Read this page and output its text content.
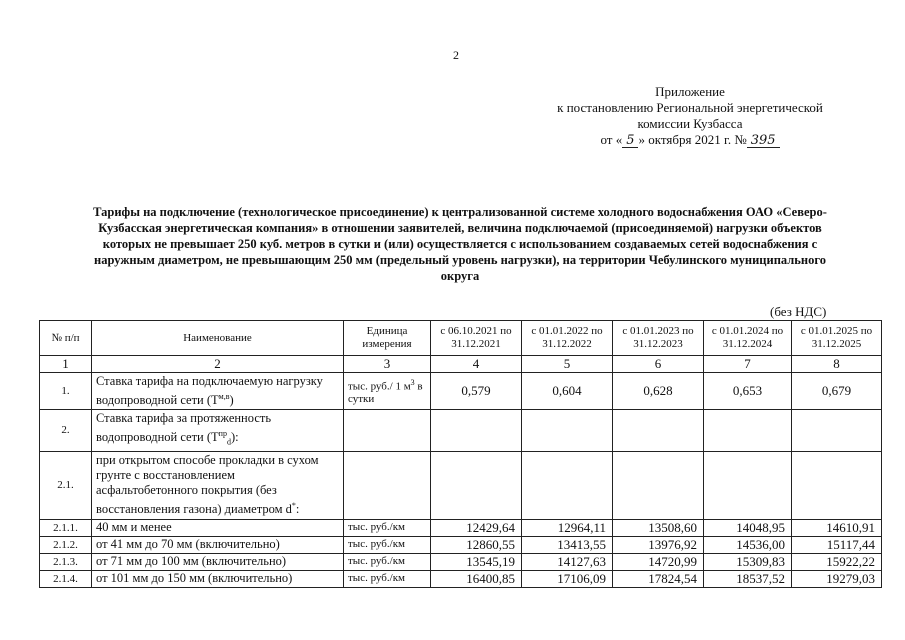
2
Приложение
к постановлению Региональной энергетической
комиссии Кузбасса
от « 5 » октября 2021 г. № 395
Тарифы на подключение (технологическое присоединение) к централизованной системе холодного водоснабжения ОАО «Северо-Кузбасская энергетическая компания» в отношении заявителей, величина подключаемой (присоединяемой) нагрузки объектов которых не превышает 250 куб. метров в сутки и (или) осуществляется с использованием создаваемых сетей водоснабжения с наружным диаметром, не превышающим 250 мм (предельный уровень нагрузки), на территории Чебулинского муниципального округа
(без НДС)
№ п/п	Наименование	Единица измерения	с 06.10.2021 по 31.12.2021	с 01.01.2022 по 31.12.2022	с 01.01.2023 по 31.12.2023	с 01.01.2024 по 31.12.2024	с 01.01.2025 по 31.12.2025
1	2	3	4	5	6	7	8
1.	Ставка тарифа на подключаемую нагрузку водопроводной сети $(Т^{м,в})$	тыс. руб./ 1 $м^3$ в сутки	0,579	0,604	0,628	0,653	0,679
2.	Ставка тарифа за протяженность водопроводной сети $(Т^{пр}_d)$:						
2.1.	при открытом способе прокладки в сухом грунте с восстановлением асфальтобетонного покрытия (без восстановления газона) диаметром d*:						
2.1.1.	40 мм и менее	тыс. руб./км	12429,64	12964,11	13508,60	14048,95	14610,91
2.1.2.	от 41 мм до 70 мм (включительно)	тыс. руб./км	12860,55	13413,55	13976,92	14536,00	15117,44
2.1.3.	от 71 мм до 100 мм (включительно)	тыс. руб./км	13545,19	14127,63	14720,99	15309,83	15922,22
2.1.4.	от 101 мм до 150 мм (включительно)	тыс. руб./км	16400,85	17106,09	17824,54	18537,52	19279,03
